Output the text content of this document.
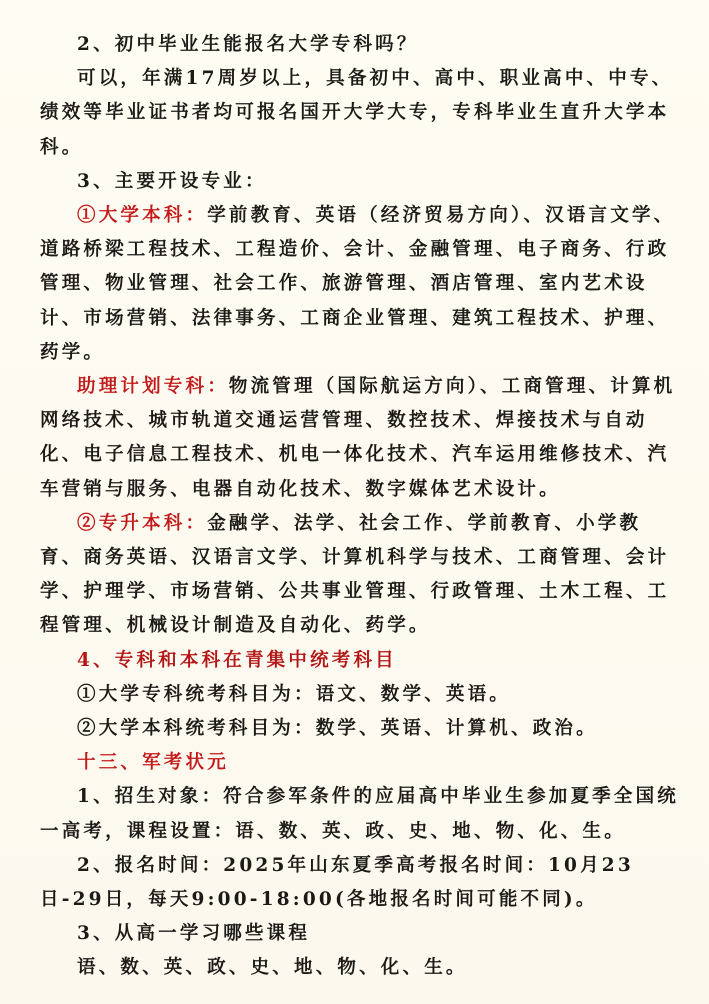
2、初中毕业生能报名大学专科吗？

可以，年满17周岁以上，具备初中、高中、职业高中、中专、绩效等毕业证书者均可报名国开大学大专，专科毕业生直升大学本科。

3、主要开设专业：

①大学本科：学前教育、英语（经济贸易方向）、汉语言文学、道路桥梁工程技术、工程造价、会计、金融管理、电子商务、行政管理、物业管理、社会工作、旅游管理、酒店管理、室内艺术设计、市场营销、法律事务、工商企业管理、建筑工程技术、护理、药学。

助理计划专科：物流管理（国际航运方向）、工商管理、计算机网络技术、城市轨道交通运营管理、数控技术、焊接技术与自动化、电子信息工程技术、机电一体化技术、汽车运用维修技术、汽车营销与服务、电器自动化技术、数字媒体艺术设计。

②专升本科：金融学、法学、社会工作、学前教育、小学教育、商务英语、汉语言文学、计算机科学与技术、工商管理、会计学、护理学、市场营销、公共事业管理、行政管理、土木工程、工程管理、机械设计制造及自动化、药学。

4、专科和本科在青集中统考科目

①大学专科统考科目为：语文、数学、英语。

②大学本科统考科目为：数学、英语、计算机、政治。

十三、军考状元

1、招生对象：符合参军条件的应届高中毕业生参加夏季全国统一高考，课程设置：语、数、英、政、史、地、物、化、生。

2、报名时间：2025年山东夏季高考报名时间：10月23日-29日，每天9:00-18:00(各地报名时间可能不同)。

3、从高一学习哪些课程

语、数、英、政、史、地、物、化、生。
